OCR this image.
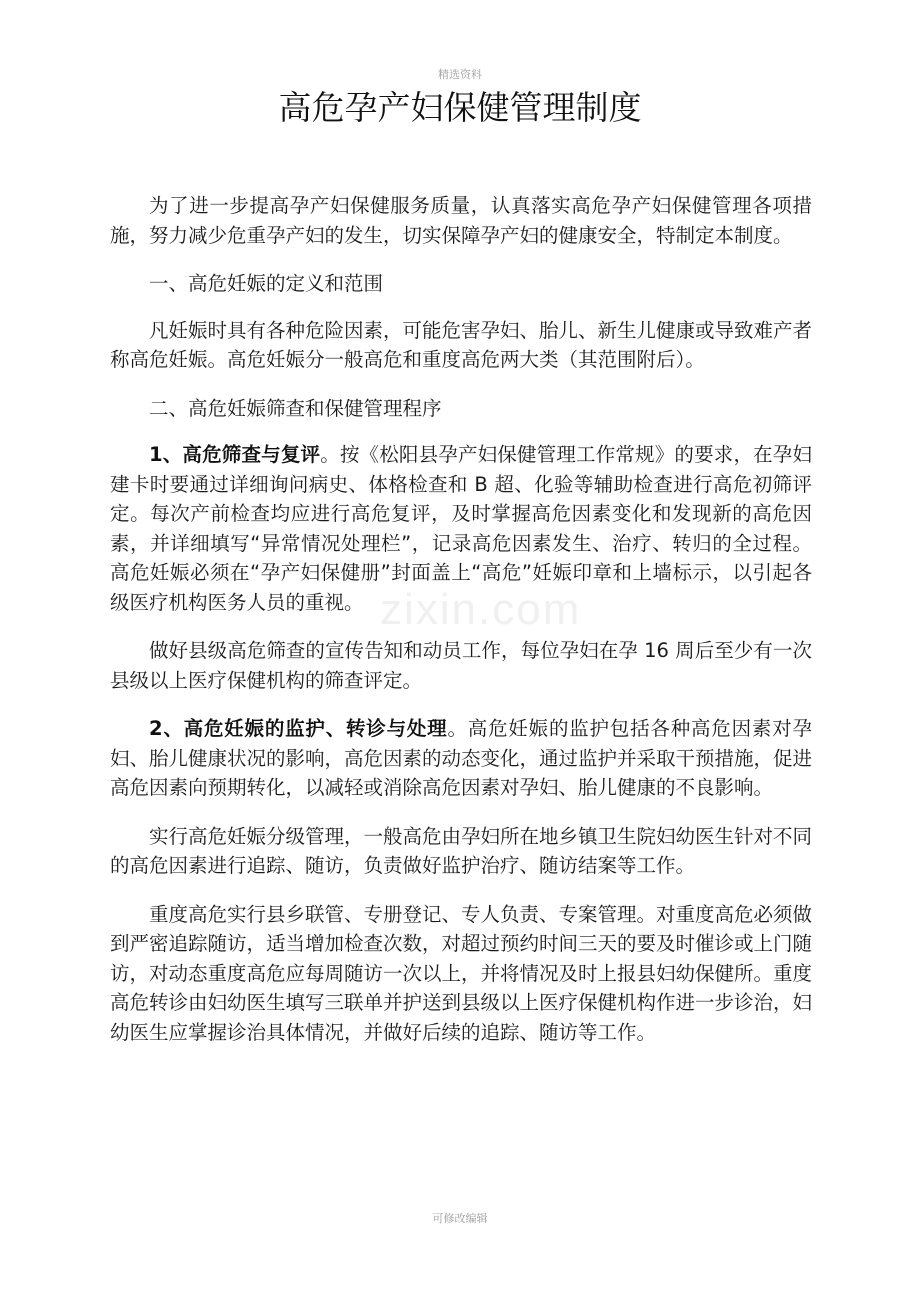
精选资料
高危孕产妇保健管理制度
zixin.com

为了进一步提高孕产妇保健服务质量，认真落实高危孕产妇保健管理各项措施，努力减少危重孕产妇的发生，切实保障孕产妇的健康安全，特制定本制度。

一、高危妊娠的定义和范围

凡妊娠时具有各种危险因素，可能危害孕妇、胎儿、新生儿健康或导致难产者称高危妊娠。高危妊娠分一般高危和重度高危两大类（其范围附后）。

二、高危妊娠筛查和保健管理程序

1、高危筛查与复评。按《松阳县孕产妇保健管理工作常规》的要求，在孕妇建卡时要通过详细询问病史、体格检查和 B 超、化验等辅助检查进行高危初筛评定。每次产前检查均应进行高危复评，及时掌握高危因素变化和发现新的高危因素，并详细填写“异常情况处理栏”，记录高危因素发生、治疗、转归的全过程。高危妊娠必须在“孕产妇保健册”封面盖上“高危”妊娠印章和上墙标示，以引起各级医疗机构医务人员的重视。

做好县级高危筛查的宣传告知和动员工作，每位孕妇在孕 16 周后至少有一次县级以上医疗保健机构的筛查评定。

2、高危妊娠的监护、转诊与处理。高危妊娠的监护包括各种高危因素对孕妇、胎儿健康状况的影响，高危因素的动态变化，通过监护并采取干预措施，促进高危因素向预期转化，以减轻或消除高危因素对孕妇、胎儿健康的不良影响。

实行高危妊娠分级管理，一般高危由孕妇所在地乡镇卫生院妇幼医生针对不同的高危因素进行追踪、随访，负责做好监护治疗、随访结案等工作。

重度高危实行县乡联管、专册登记、专人负责、专案管理。对重度高危必须做到严密追踪随访，适当增加检查次数，对超过预约时间三天的要及时催诊或上门随访，对动态重度高危应每周随访一次以上，并将情况及时上报县妇幼保健所。重度高危转诊由妇幼医生填写三联单并护送到县级以上医疗保健机构作进一步诊治，妇幼医生应掌握诊治具体情况，并做好后续的追踪、随访等工作。

可修改编辑
